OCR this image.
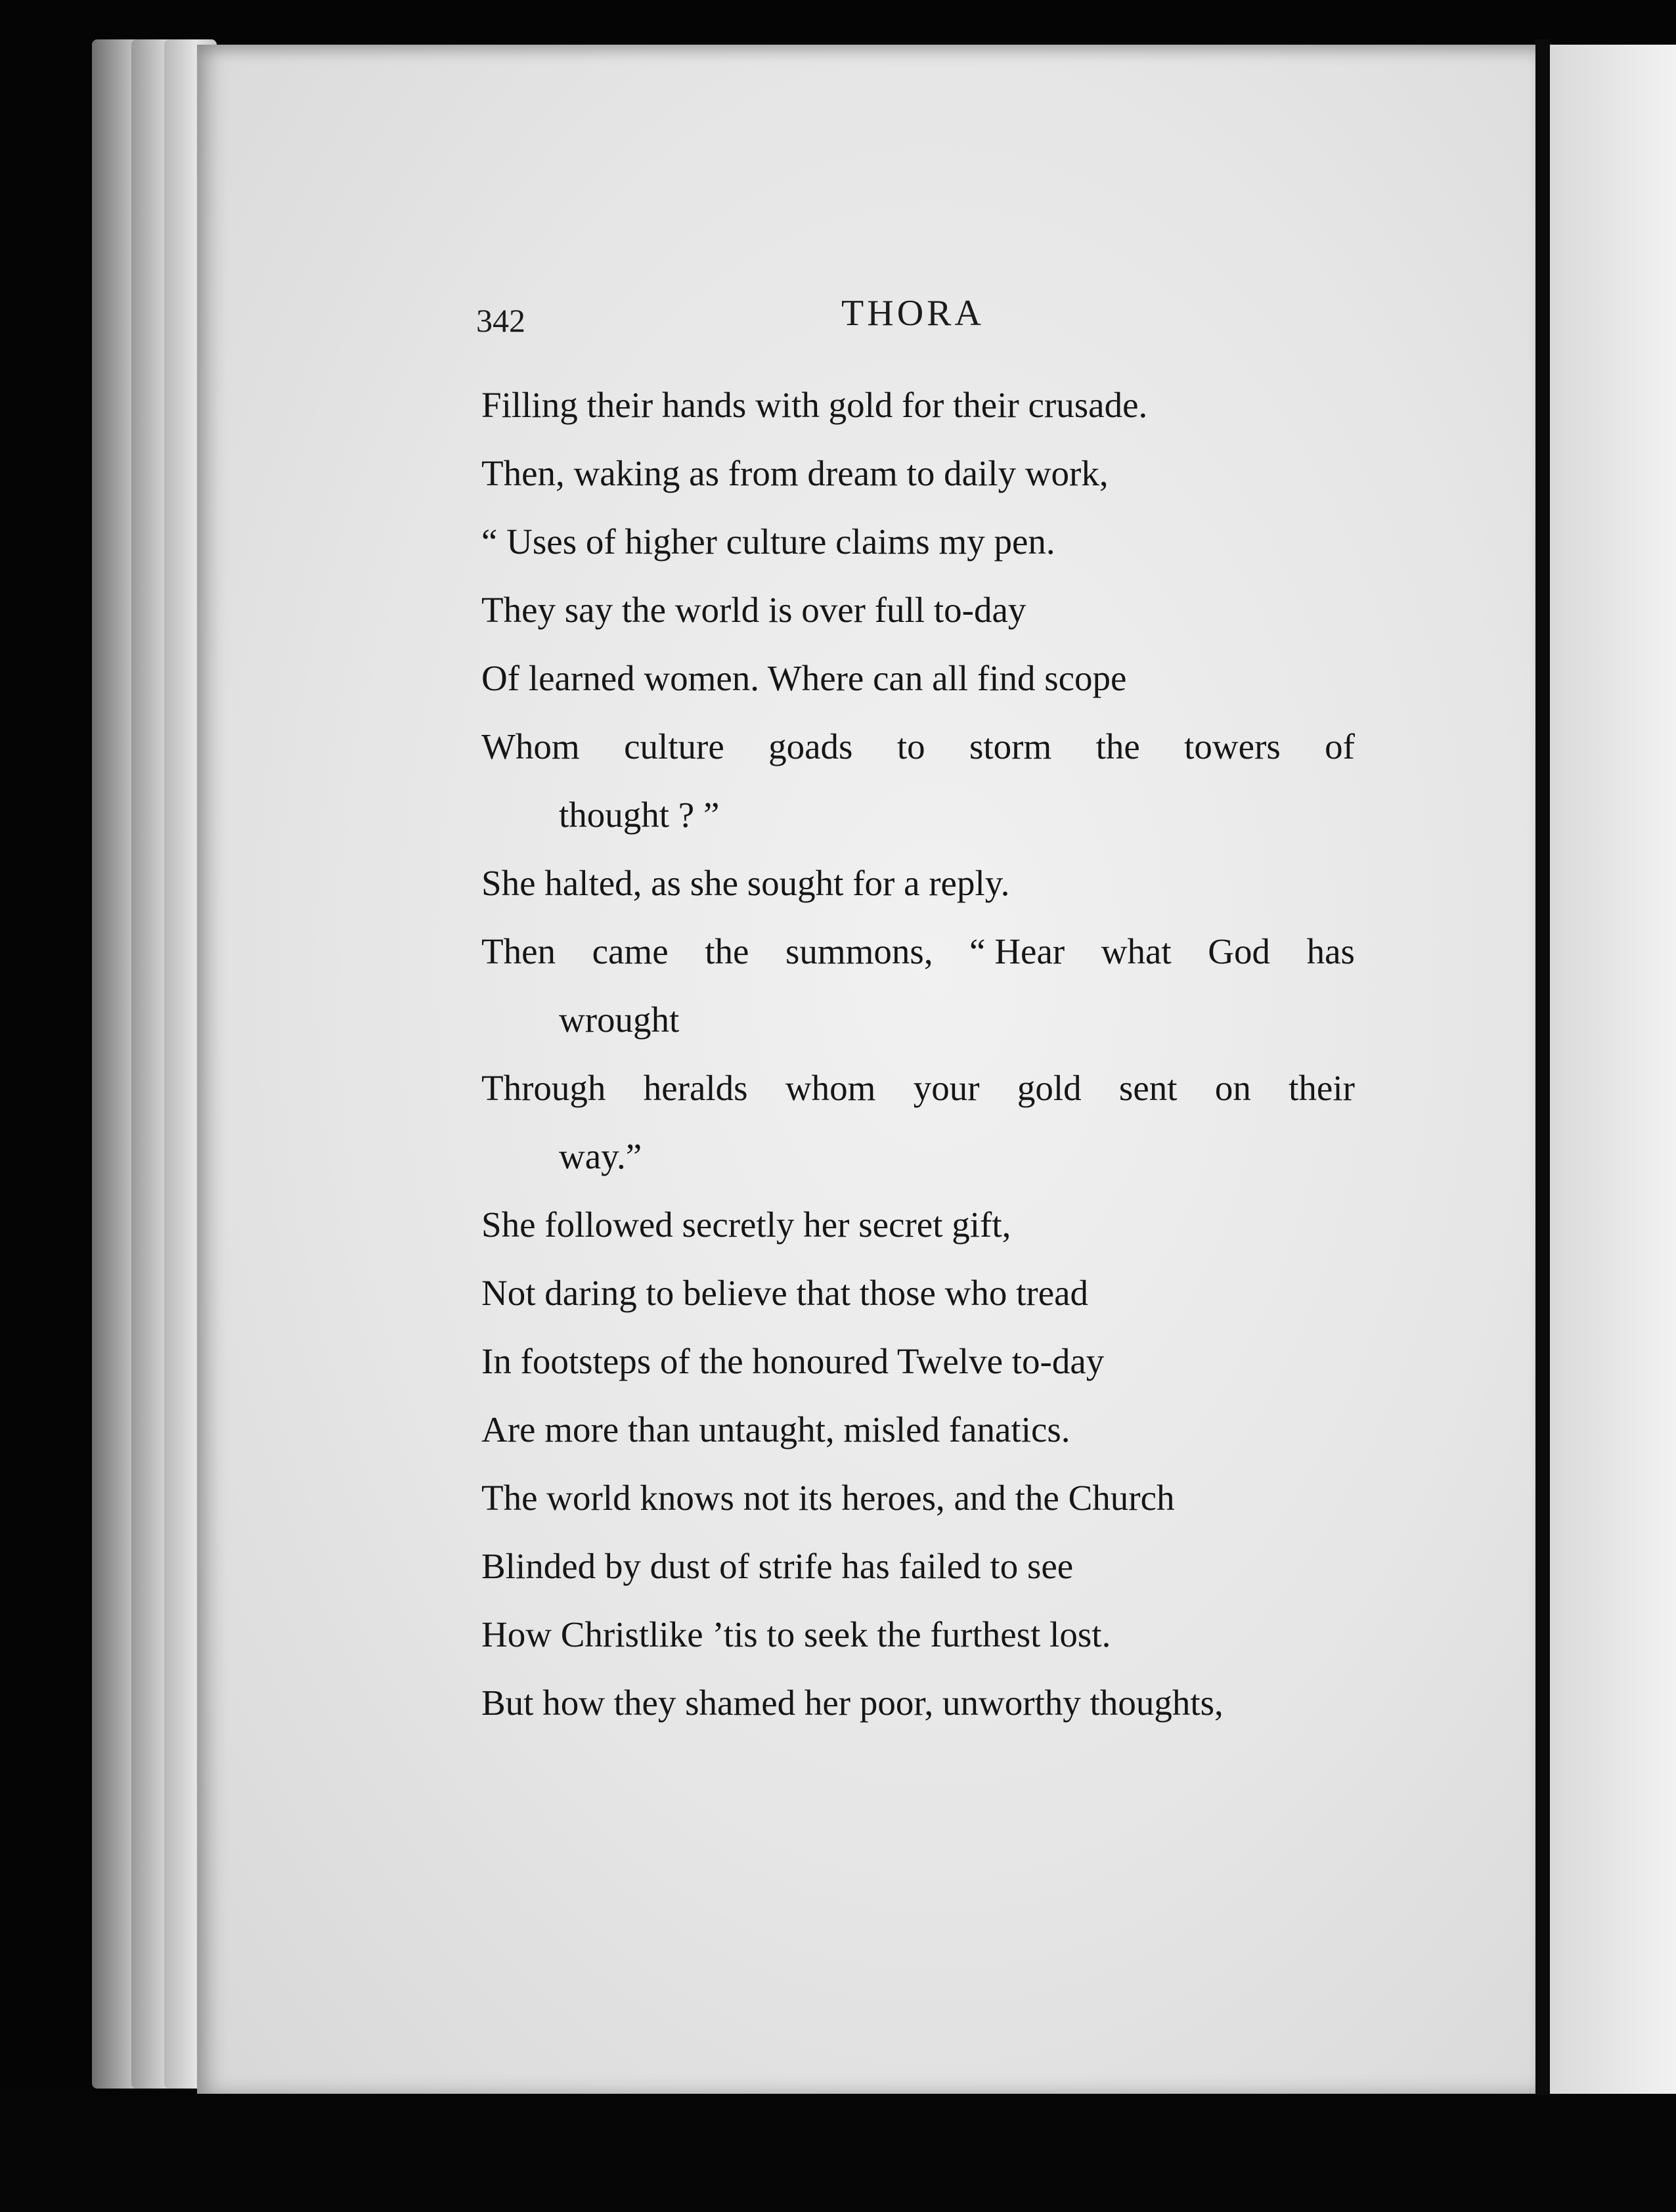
342	THORA
Filling their hands with gold for their crusade.
Then, waking as from dream to daily work,
“ Uses of higher culture claims my pen.
They say the world is over full to-day
Of learned women. Where can all find scope
Whom culture goads to storm the towers of
thought ? ”
She halted, as she sought for a reply.
Then came the summons, “ Hear what God has
wrought
Through heralds whom your gold sent on their
way.”
She followed secretly her secret gift,
Not daring to believe that those who tread
In footsteps of the honoured Twelve to-day
Are more than untaught, misled fanatics.
The world knows not its heroes, and the Church
Blinded by dust of strife has failed to see
How Christlike ’tis to seek the furthest lost.
But how they shamed her poor, unworthy thoughts,
